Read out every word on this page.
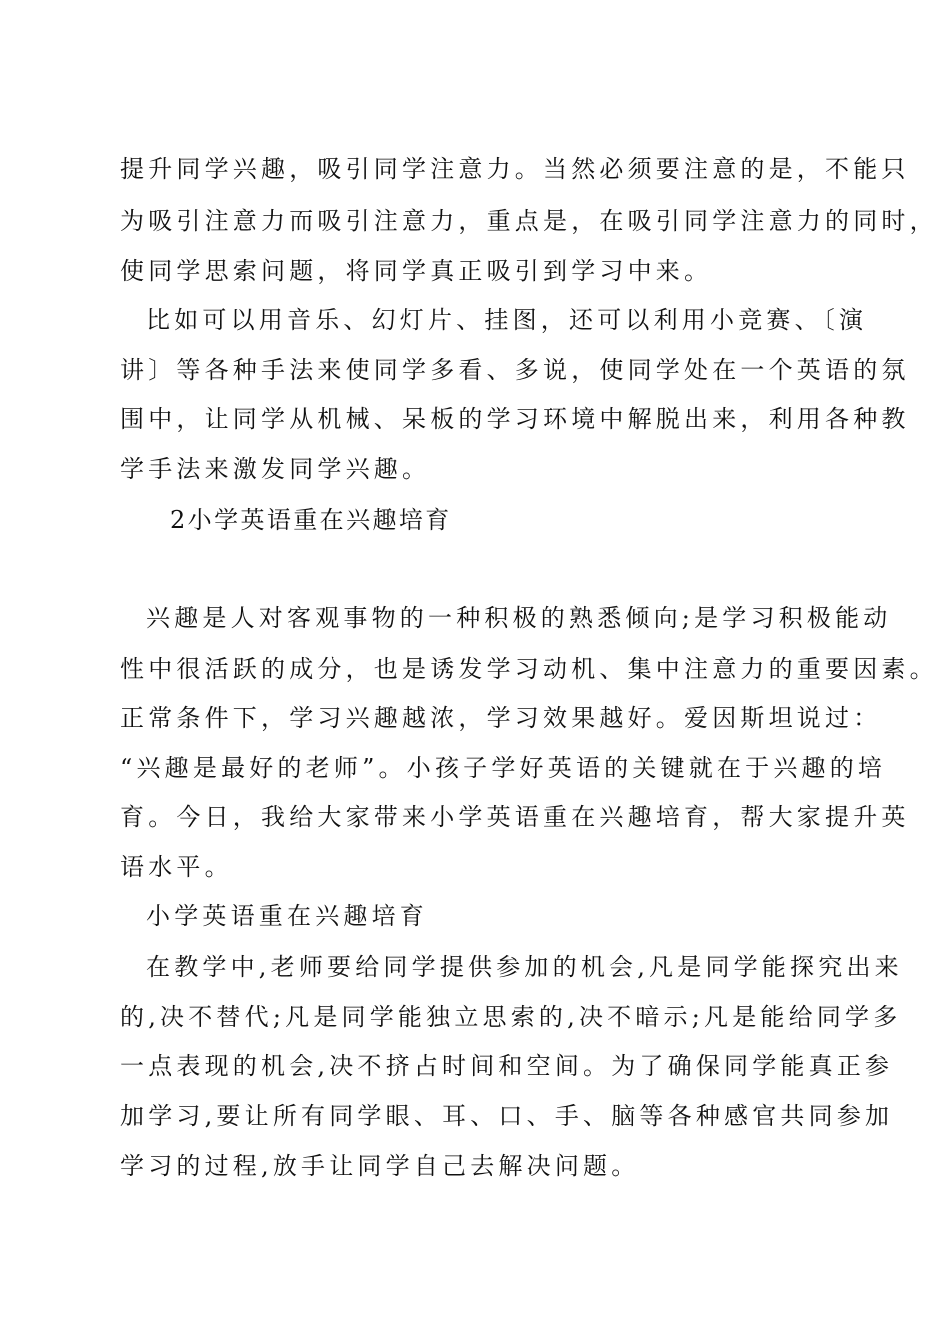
提升同学兴趣，吸引同学注意力。当然必须要注意的是，不能只
为吸引注意力而吸引注意力，重点是，在吸引同学注意力的同时，
使同学思索问题，将同学真正吸引到学习中来。
比如可以用音乐、幻灯片、挂图，还可以利用小竞赛、〔演
讲〕等各种手法来使同学多看、多说，使同学处在一个英语的氛
围中，让同学从机械、呆板的学习环境中解脱出来，利用各种教
学手法来激发同学兴趣。
2小学英语重在兴趣培育
兴趣是人对客观事物的一种积极的熟悉倾向;是学习积极能动
性中很活跃的成分，也是诱发学习动机、集中注意力的重要因素。
正常条件下，学习兴趣越浓，学习效果越好。爱因斯坦说过：
“兴趣是最好的老师”。小孩子学好英语的关键就在于兴趣的培
育。今日，我给大家带来小学英语重在兴趣培育，帮大家提升英
语水平。
小学英语重在兴趣培育
在教学中,老师要给同学提供参加的机会,凡是同学能探究出来
的,决不替代;凡是同学能独立思索的,决不暗示;凡是能给同学多
一点表现的机会,决不挤占时间和空间。为了确保同学能真正参
加学习,要让所有同学眼、耳、口、手、脑等各种感官共同参加
学习的过程,放手让同学自己去解决问题。
